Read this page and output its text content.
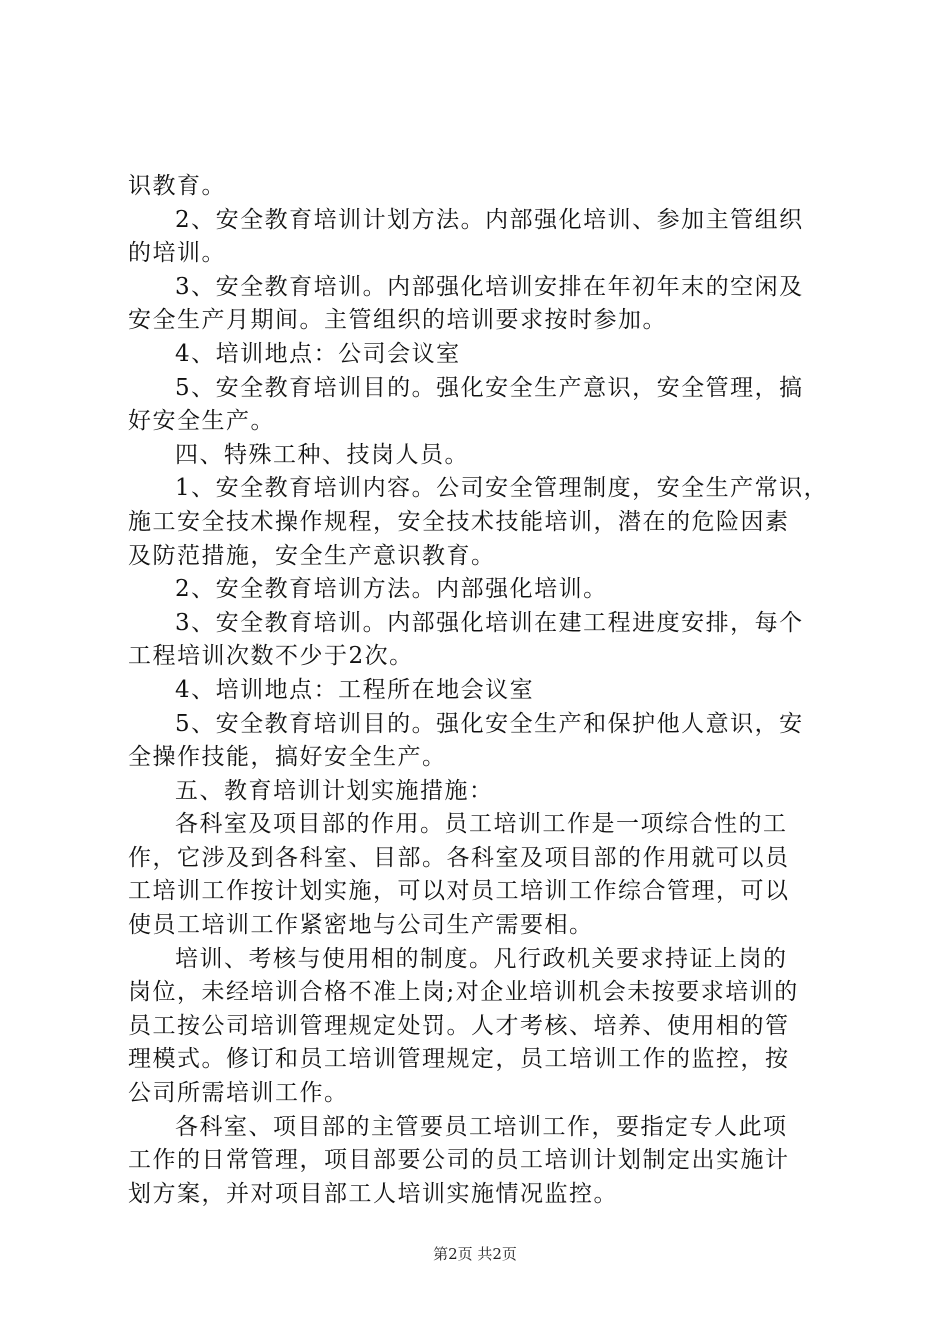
识教育。
2、安全教育培训计划方法。内部强化培训、参加主管组织
的培训。
3、安全教育培训。内部强化培训安排在年初年末的空闲及
安全生产月期间。主管组织的培训要求按时参加。
4、培训地点：公司会议室
5、安全教育培训目的。强化安全生产意识，安全管理，搞
好安全生产。
四、特殊工种、技岗人员。
1、安全教育培训内容。公司安全管理制度，安全生产常识，
施工安全技术操作规程，安全技术技能培训，潜在的危险因素
及防范措施，安全生产意识教育。
2、安全教育培训方法。内部强化培训。
3、安全教育培训。内部强化培训在建工程进度安排，每个
工程培训次数不少于2次。
4、培训地点：工程所在地会议室
5、安全教育培训目的。强化安全生产和保护他人意识，安
全操作技能，搞好安全生产。
五、教育培训计划实施措施：
各科室及项目部的作用。员工培训工作是一项综合性的工
作，它涉及到各科室、目部。各科室及项目部的作用就可以员
工培训工作按计划实施，可以对员工培训工作综合管理，可以
使员工培训工作紧密地与公司生产需要相。
培训、考核与使用相的制度。凡行政机关要求持证上岗的
岗位，未经培训合格不准上岗;对企业培训机会未按要求培训的
员工按公司培训管理规定处罚。人才考核、培养、使用相的管
理模式。修订和员工培训管理规定，员工培训工作的监控，按
公司所需培训工作。
各科室、项目部的主管要员工培训工作，要指定专人此项
工作的日常管理，项目部要公司的员工培训计划制定出实施计
划方案，并对项目部工人培训实施情况监控。
第2页 共2页
